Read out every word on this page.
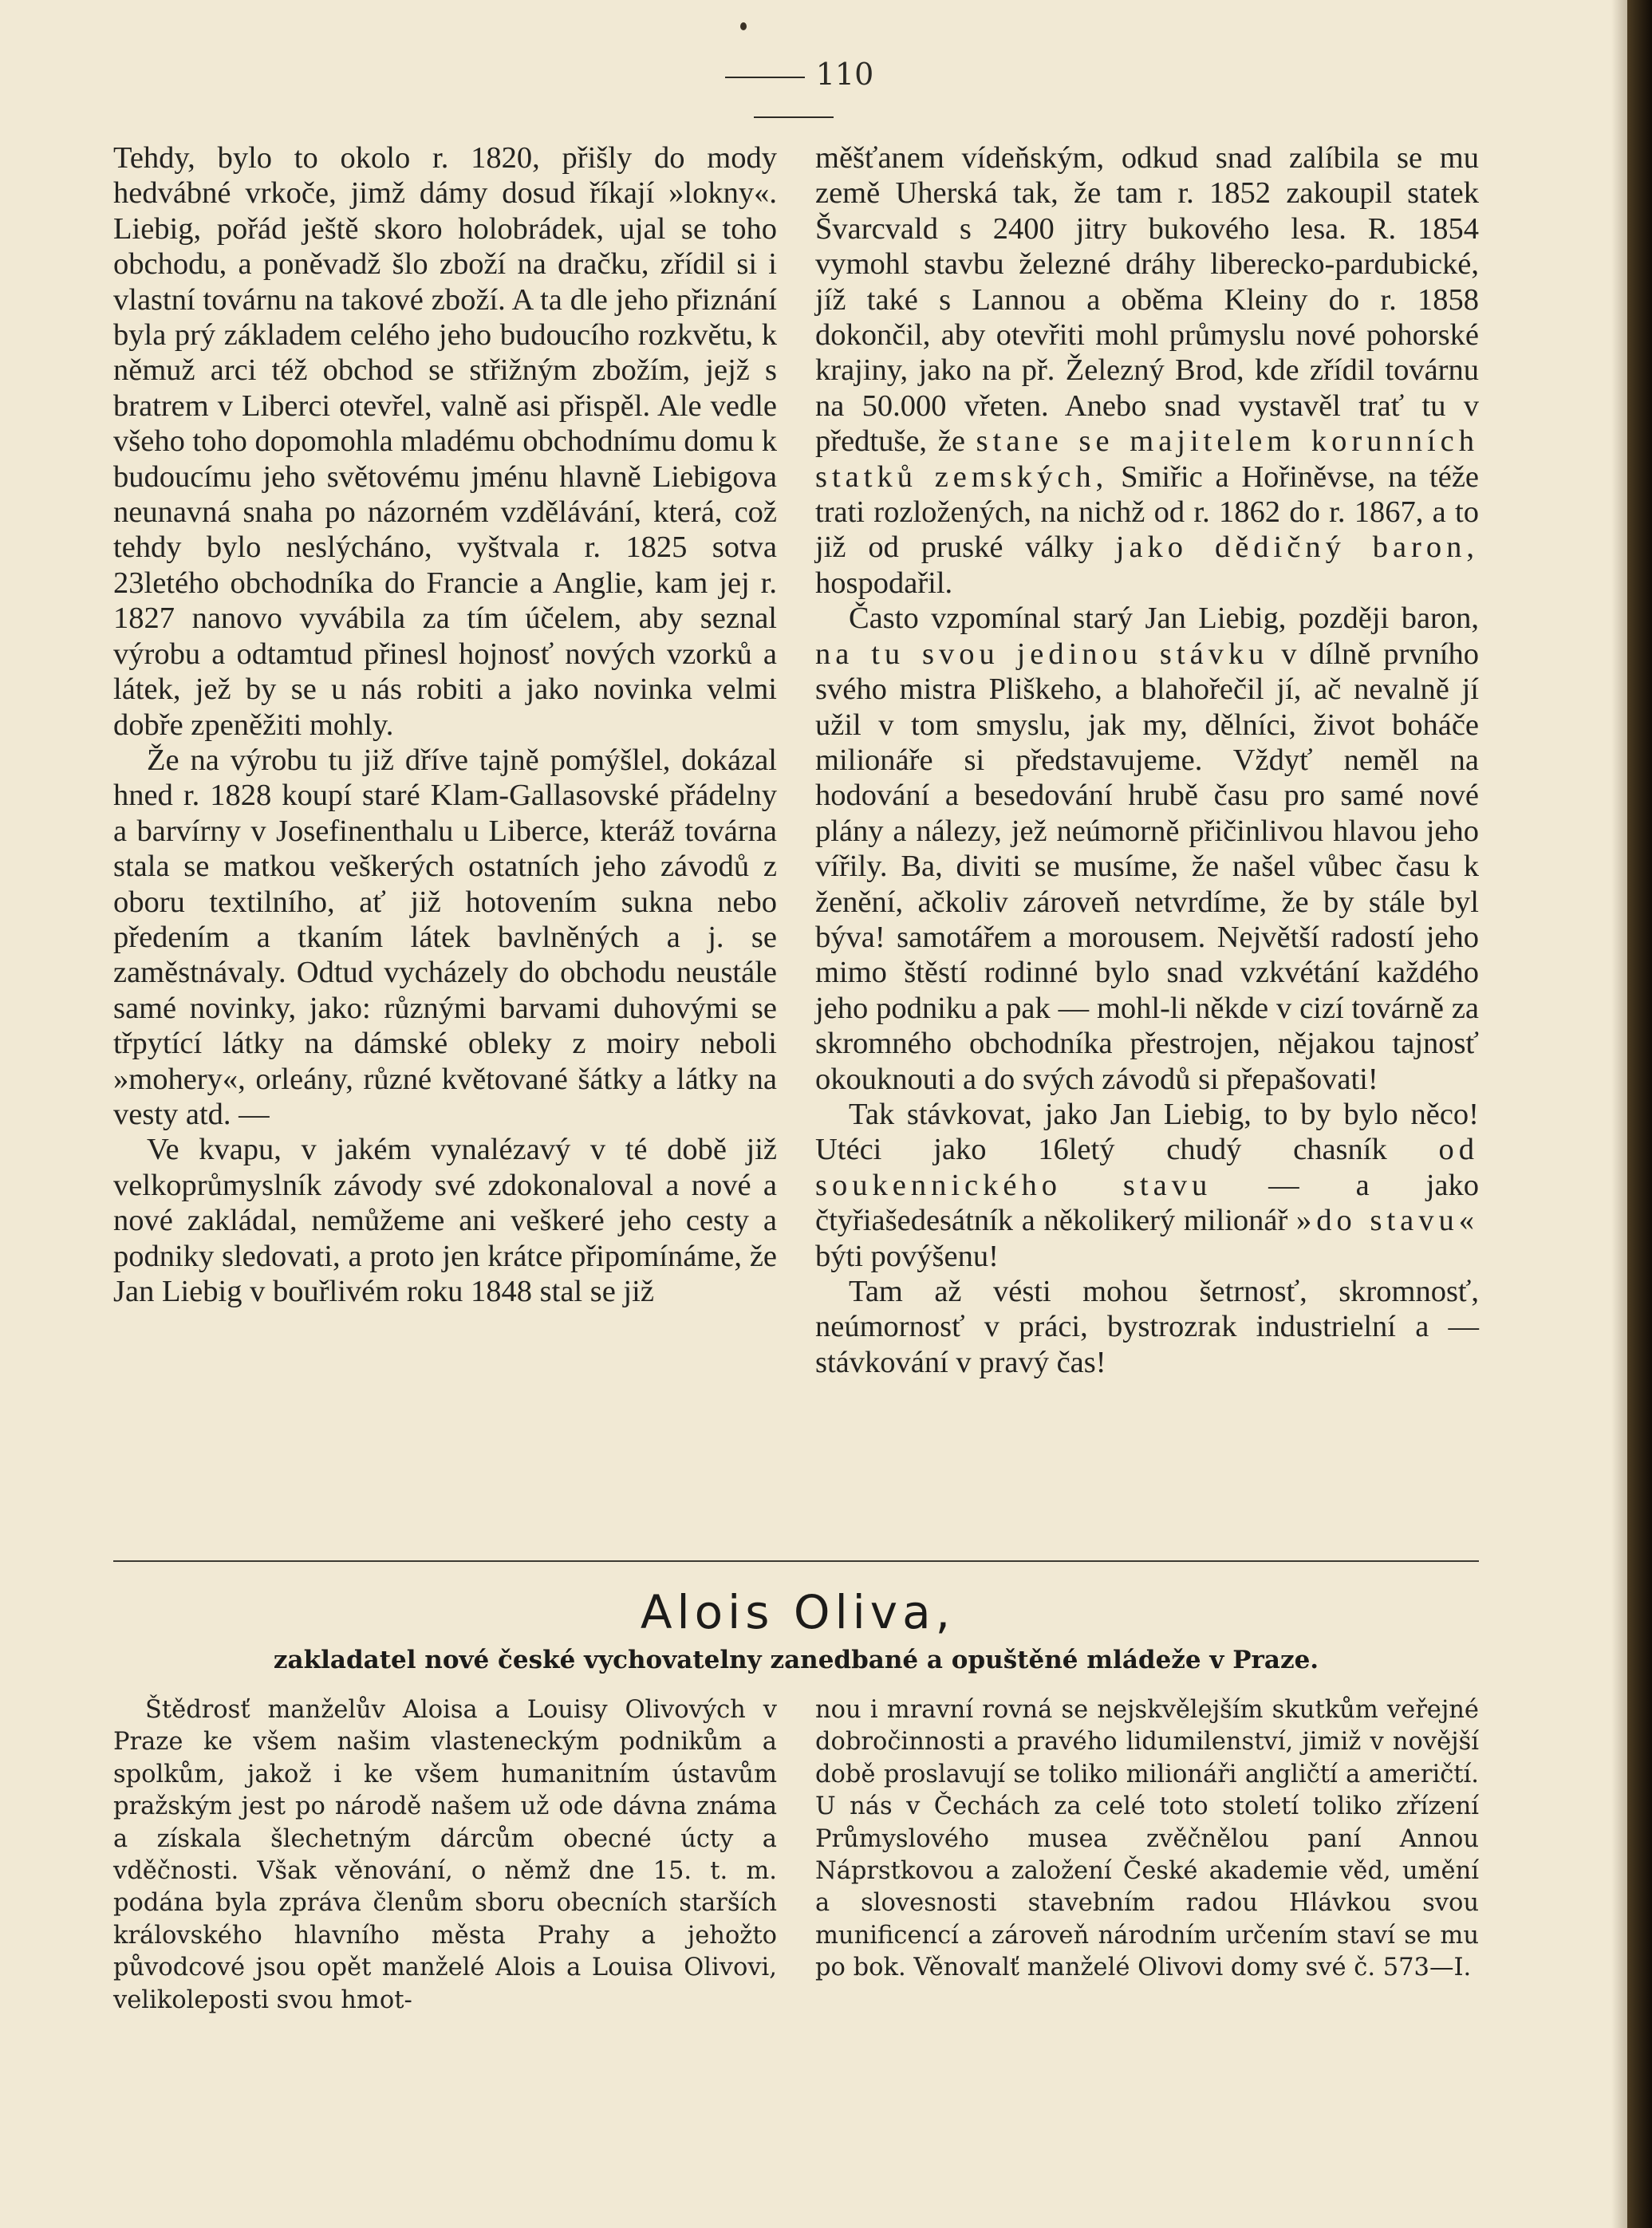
110

Tehdy, bylo to okolo r. 1820, přišly do mody hedvábné vrkoče, jimž dámy dosud říkají »lokny«. Liebig, pořád ještě skoro holobrádek, ujal se toho obchodu, a poněvadž šlo zboží na dračku, zřídil si i vlastní továrnu na takové zboží. A ta dle jeho přiznání byla prý základem celého jeho budoucího rozkvětu, k němuž arci též obchod se střižným zbožím, jejž s bratrem v Liberci otevřel, valně asi přispěl. Ale vedle všeho toho dopomohla mladému obchodnímu domu k budoucímu jeho světovému jménu hlavně Liebigova neunavná snaha po názorném vzdělávání, která, což tehdy bylo neslýcháno, vyštvala r. 1825 sotva 23letého obchodníka do Francie a Anglie, kam jej r. 1827 nanovo vyvábila za tím účelem, aby seznal výrobu a odtamtud přinesl hojnosť nových vzorků a látek, jež by se u nás robiti a jako novinka velmi dobře zpeněžiti mohly.

Že na výrobu tu již dříve tajně pomýšlel, dokázal hned r. 1828 koupí staré Klam-Gallasovské přádelny a barvírny v Josefinenthalu u Liberce, kteráž továrna stala se matkou veškerých ostatních jeho závodů z oboru textilního, ať již hotovením sukna nebo předením a tkaním látek bavlněných a j. se zaměstnávaly. Odtud vycházely do obchodu neustále samé novinky, jako: různými barvami duhovými se třpytící látky na dámské obleky z moiry neboli »mohery«, orleány, různé květované šátky a látky na vesty atd. —

Ve kvapu, v jakém vynalézavý v té době již velkoprůmyslník závody své zdokonaloval a nové a nové zakládal, nemůžeme ani veškeré jeho cesty a podniky sledovati, a proto jen krátce připomínáme, že Jan Liebig v bouřlivém roku 1848 stal se již

měšťanem vídeňským, odkud snad zalíbila se mu země Uherská tak, že tam r. 1852 zakoupil statek Švarcvald s 2400 jitry bukového lesa. R. 1854 vymohl stavbu železné dráhy liberecko-pardubické, jíž také s Lannou a oběma Kleiny do r. 1858 dokončil, aby otevřiti mohl průmyslu nové pohorské krajiny, jako na př. Železný Brod, kde zřídil továrnu na 50.000 vřeten. Anebo snad vystavěl trať tu v předtuše, že stane se majitelem korunních statků zemských, Smiřic a Hořiněvse, na téže trati rozložených, na nichž od r. 1862 do r. 1867, a to již od pruské války jako dědičný baron, hospodařil.

Často vzpomínal starý Jan Liebig, později baron, na tu svou jedinou stávku v dílně prvního svého mistra Pliškeho, a blahořečil jí, ač nevalně jí užil v tom smyslu, jak my, dělníci, život boháče milionáře si představujeme. Vždyť neměl na hodování a besedování hrubě času pro samé nové plány a nálezy, jež neúmorně přičinlivou hlavou jeho vířily. Ba, diviti se musíme, že našel vůbec času k ženění, ačkoliv zároveň netvrdíme, že by stále byl býva! samotářem a morousem. Největší radostí jeho mimo štěstí rodinné bylo snad vzkvétání každého jeho podniku a pak — mohl-li někde v cizí továrně za skromného obchodníka přestrojen, nějakou tajnosť okouknouti a do svých závodů si přepašovati!

Tak stávkovat, jako Jan Liebig, to by bylo něco! Utéci jako 16letý chudý chasník od soukennického stavu — a jako čtyřiašedesátník a několikerý milionář »do stavu« býti povýšenu!

Tam až vésti mohou šetrnosť, skromnosť, neúmornosť v práci, bystrozrak industrielní a — stávkování v pravý čas!

Alois Oliva,
zakladatel nové české vychovatelny zanedbané a opuštěné mládeže v Praze.

Štědrosť manželův Aloisa a Louisy Olivových v Praze ke všem našim vlasteneckým podnikům a spolkům, jakož i ke všem humanitním ústavům pražským jest po národě našem už ode dávna známa a získala šlechetným dárcům obecné úcty a vděčnosti. Však věnování, o němž dne 15. t. m. podána byla zpráva členům sboru obecních starších královského hlavního města Prahy a jehožto původcové jsou opět manželé Alois a Louisa Olivovi, velikoleposti svou hmot-

nou i mravní rovná se nejskvělejším skutkům veřejné dobročinnosti a pravého lidumilenství, jimiž v novější době proslavují se toliko milionáři angličtí a američtí. U nás v Čechách za celé toto století toliko zřízení Průmyslového musea zvěčnělou paní Annou Náprstkovou a založení České akademie věd, umění a slovesnosti stavebním radou Hlávkou svou munificencí a zároveň národním určením staví se mu po bok. Věnovalť manželé Olivovi domy své č. 573—I.
